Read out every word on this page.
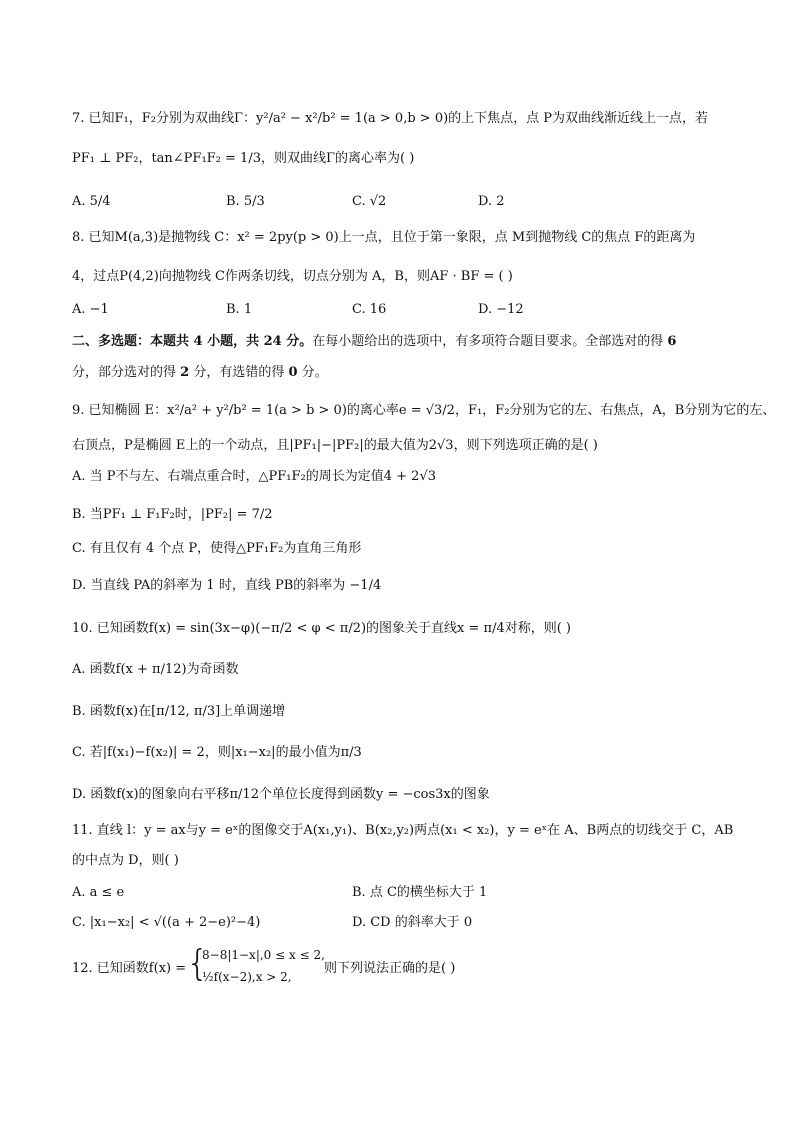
7. 已知F₁，F₂分别为双曲线Γ：y²/a² − x²/b² = 1(a > 0,b > 0)的上下焦点，点 P为双曲线渐近线上一点，若
PF₁ ⊥ PF₂，tan∠PF₁F₂ = 1/3，则双曲线Γ的离心率为( )
A. 5/4	B. 5/3	C. √2	D. 2
8. 已知M(a,3)是抛物线 C：x² = 2py(p > 0)上一点，且位于第一象限，点 M到抛物线 C的焦点 F的距离为
4，过点P(4,2)向抛物线 C作两条切线，切点分别为 A，B，则AF · BF = ( )
A. −1	B. 1	C. 16	D. −12
二、多选题：本题共 4 小题，共 24 分。在每小题给出的选项中，有多项符合题目要求。全部选对的得 6
分，部分选对的得 2 分，有选错的得 0 分。
9. 已知椭圆 E：x²/a² + y²/b² = 1(a > b > 0)的离心率e = √3/2，F₁，F₂分别为它的左、右焦点，A，B分别为它的左、
右顶点，P是椭圆 E上的一个动点，且|PF₁|−|PF₂|的最大值为2√3，则下列选项正确的是( )
A. 当 P不与左、右端点重合时，△PF₁F₂的周长为定值4 + 2√3
B. 当PF₁ ⊥ F₁F₂时，|PF₂| = 7/2
C. 有且仅有 4 个点 P，使得△PF₁F₂为直角三角形
D. 当直线 PA的斜率为 1 时，直线 PB的斜率为 −1/4
10. 已知函数f(x) = sin(3x−φ)(−π/2 < φ < π/2)的图象关于直线x = π/4对称，则( )
A. 函数f(x + π/12)为奇函数
B. 函数f(x)在[π/12, π/3]上单调递增
C. 若|f(x₁)−f(x₂)| = 2，则|x₁−x₂|的最小值为π/3
D. 函数f(x)的图象向右平移π/12个单位长度得到函数y = −cos3x的图象
11. 直线 l：y = ax与y = eˣ的图像交于A(x₁,y₁)、B(x₂,y₂)两点(x₁ < x₂)，y = eˣ在 A、B两点的切线交于 C，AB
的中点为 D，则( )
A. a ≤ e	B. 点 C的横坐标大于 1
C. |x₁−x₂| < √((a + 2−e)²−4)	D. CD 的斜率大于 0
12. 已知函数f(x) = {
8−8|1−x|,0 ≤ x ≤ 2,
½f(x−2),x > 2,
则下列说法正确的是( )
